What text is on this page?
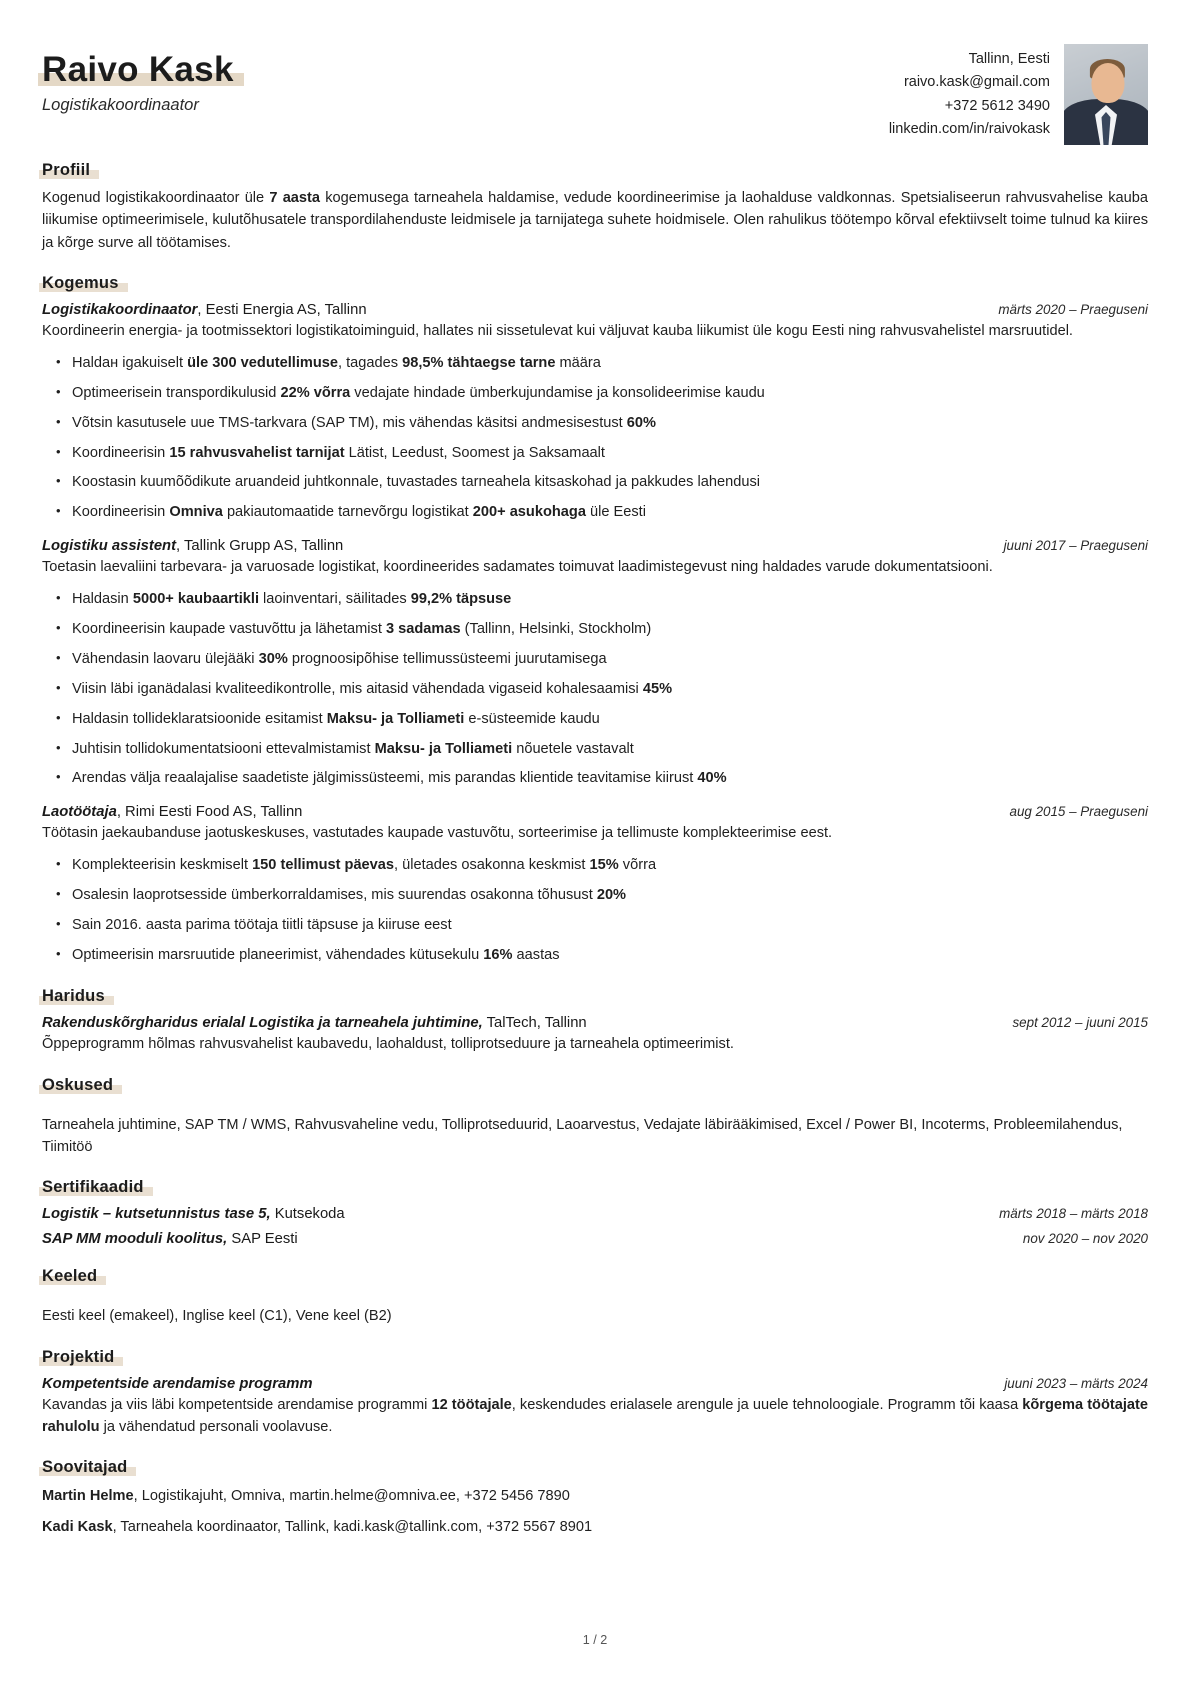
Raivo Kask
Logistikakoordinaator
Tallinn, Eesti
raivo.kask@gmail.com
+372 5612 3490
linkedin.com/in/raivokask
Profiil
Kogenud logistikakoordinaator üle 7 aasta kogemusega tarneahela haldamise, vedude koordineerimise ja laohalduse valdkonnas. Spetsialiseerun rahvusvahelise kauba liikumise optimeerimisele, kulutõhusatele transpordilahenduste leidmisele ja tarnijatega suhete hoidmisele. Olen rahulikus töötempo kõrval efektiivselt toime tulnud ka kiires ja kõrge surve all töötamises.
Kogemus
Logistikakoordinaator, Eesti Energia AS, Tallinn	märts 2020 – Praeguseni
Koordineerin energia- ja tootmissektori logistikatoiminguid, hallates nii sissetulevat kui väljuvat kauba liikumist üle kogu Eesti ning rahvusvahelistel marsruutidel.
• Haldaн igakuiselt üle 300 vedutellimuse, tagades 98,5% tähtaegse tarne määra
• Optimeerisein transpordikulusid 22% võrra vedajate hindade ümberkujundamise ja konsolideerimise kaudu
• Võtsin kasutusele uue TMS-tarkvara (SAP TM), mis vähendas käsitsi andmesisestust 60%
• Koordineerisin 15 rahvusvahelist tarnijat Lätist, Leedust, Soomest ja Saksamaalt
• Koostasin kuumõõdikute aruandeid juhtkonnale, tuvastades tarneahela kitsaskohad ja pakkudes lahendusi
• Koordineerisin Omniva pakiautomaatide tarnevõrgu logistikat 200+ asukohaga üle Eesti
Logistiku assistent, Tallink Grupp AS, Tallinn	juuni 2017 – Praeguseni
Toetasin laevaliini tarbevara- ja varuosade logistikat, koordineerides sadamates toimuvat laadimistegevust ning haldades varude dokumentatsiooni.
• Haldasin 5000+ kaubaartikli laoinventari, säilitades 99,2% täpsuse
• Koordineerisin kaupade vastuvõttu ja lähetamist 3 sadamas (Tallinn, Helsinki, Stockholm)
• Vähendasin laovaru ülejääki 30% prognoosipõhise tellimussüsteemi juurutamisega
• Viisin läbi iganädalasi kvaliteedikontrolle, mis aitasid vähendada vigaseid kohalesaamisi 45%
• Haldasin tollideklaratsioonide esitamist Maksu- ja Tolliameti e-süsteemide kaudu
• Juhtisin tollidokumentatsiooni ettevalmistamist Maksu- ja Tolliameti nõuetele vastavalt
• Arendas välja reaalajalise saadetiste jälgimissüsteemi, mis parandas klientide teavitamise kiirust 40%
Laotöötaja, Rimi Eesti Food AS, Tallinn	aug 2015 – Praeguseni
Töötasin jaekaubanduse jaotuskeskuses, vastutades kaupade vastuvõtu, sorteerimise ja tellimuste komplekteerimise eest.
• Komplekteerisin keskmiselt 150 tellimust päevas, ületades osakonna keskmist 15% võrra
• Osalesin laoprotsesside ümberkorraldamises, mis suurendas osakonna tõhusust 20%
• Sain 2016. aasta parima töötaja tiitli täpsuse ja kiiruse eest
• Optimeerisin marsruutide planeerimist, vähendades kütusekulu 16% aastas
Haridus
Rakenduskõrgharidus erialal Logistika ja tarneahela juhtimine, TalTech, Tallinn	sept 2012 – juuni 2015
Õppeprogramm hõlmas rahvusvahelist kaubavedu, laohaldust, tolliprotseduure ja tarneahela optimeerimist.
Oskused
Tarneahela juhtimine, SAP TM / WMS, Rahvusvaheline vedu, Tolliprotseduurid, Laoarvestus, Vedajate läbirääkimised, Excel / Power BI, Incoterms, Probleemilahendus, Tiimitöö
Sertifikaadid
Logistik – kutsetunnistus tase 5, Kutsekoda	märts 2018 – märts 2018
SAP MM mooduli koolitus, SAP Eesti	nov 2020 – nov 2020
Keeled
Eesti keel (emakeel), Inglise keel (C1), Vene keel (B2)
Projektid
Kompetentside arendamise programm	juuni 2023 – märts 2024
Kavandas ja viis läbi kompetentside arendamise programmi 12 töötajale, keskendudes erialasele arengule ja uuele tehnoloogiale. Programm tõi kaasa kõrgema töötajate rahulolu ja vähendatud personali voolavuse.
Soovitajad
Martin Helme, Logistikajuht, Omniva, martin.helme@omniva.ee, +372 5456 7890
Kadi Kask, Tarneahela koordinaator, Tallink, kadi.kask@tallink.com, +372 5567 8901
1 / 2
